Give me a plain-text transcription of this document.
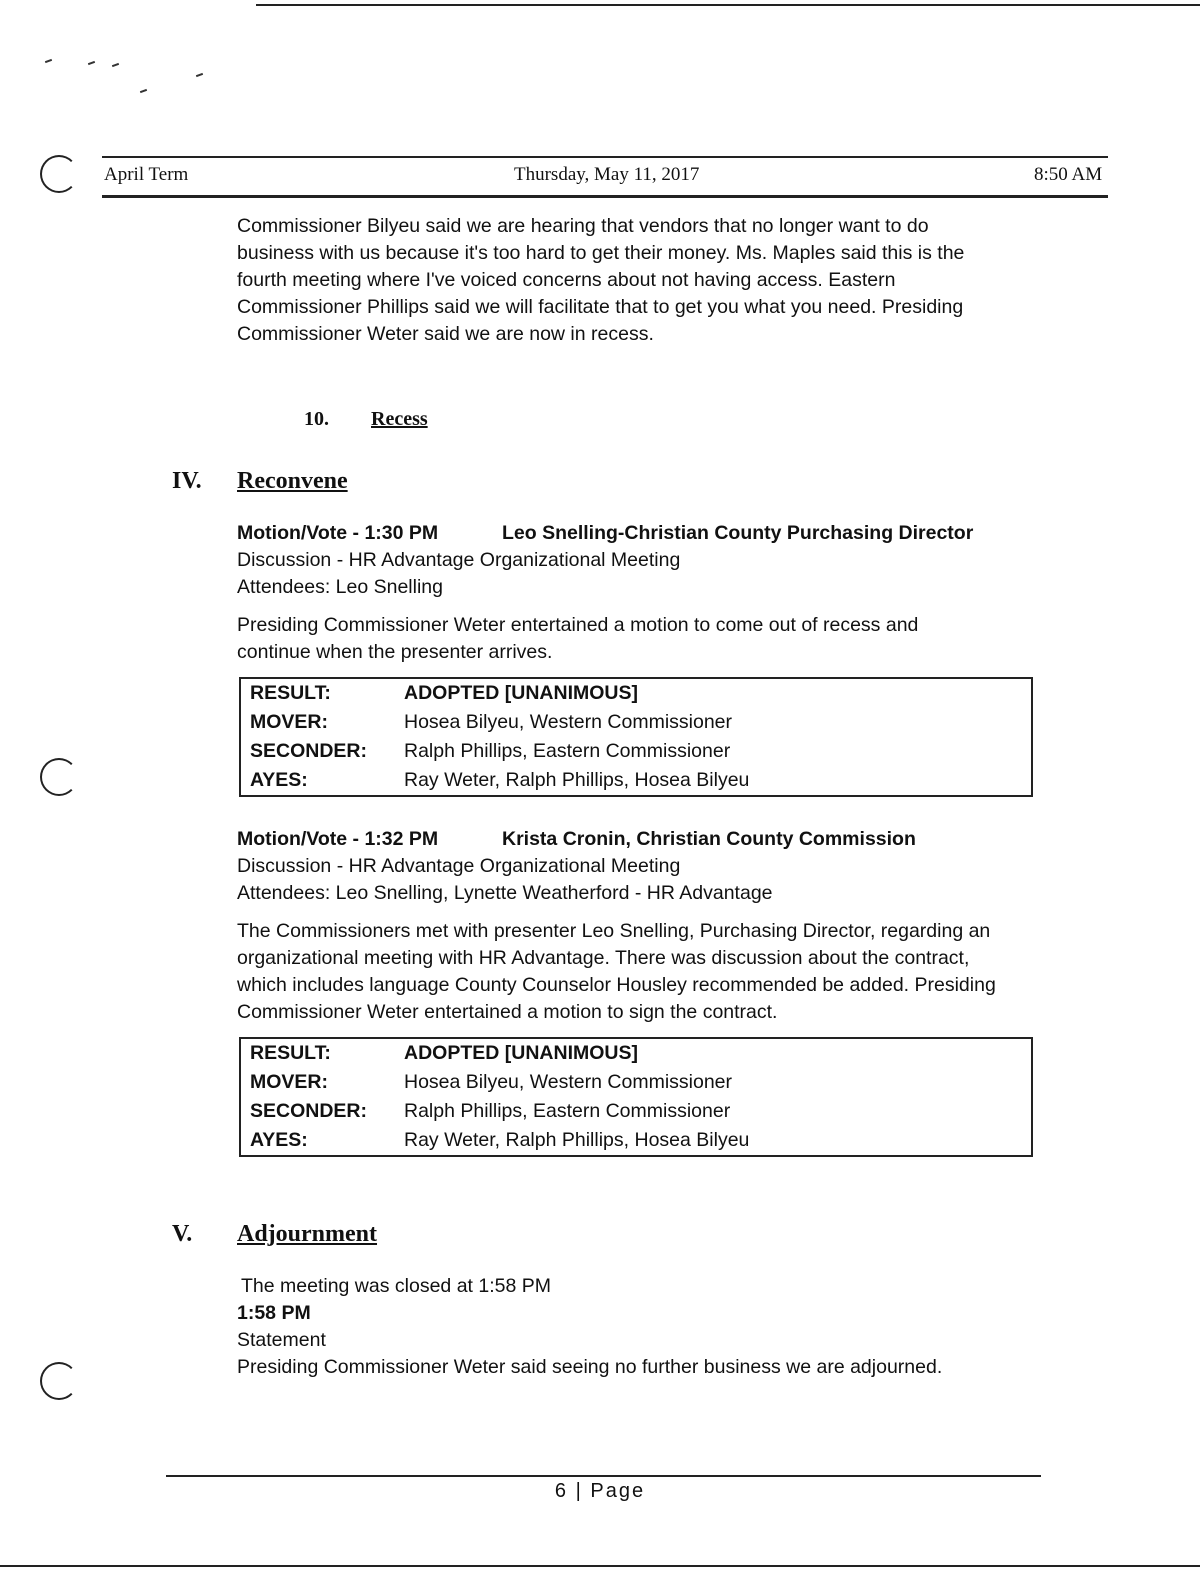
April Term	Thursday, May 11, 2017	8:50 AM
Commissioner Bilyeu said we are hearing that vendors that no longer want to do
business with us because it's too hard to get their money. Ms. Maples said this is the
fourth meeting where I've voiced concerns about not having access. Eastern
Commissioner Phillips said we will facilitate that to get you what you need. Presiding
Commissioner Weter said we are now in recess.
10. Recess
IV. Reconvene
Motion/Vote - 1:30 PM	Leo Snelling-Christian County Purchasing Director
Discussion - HR Advantage Organizational Meeting
Attendees: Leo Snelling
Presiding Commissioner Weter entertained a motion to come out of recess and
continue when the presenter arrives.
RESULT:	ADOPTED [UNANIMOUS]
MOVER:	Hosea Bilyeu, Western Commissioner
SECONDER: Ralph Phillips, Eastern Commissioner
AYES:	Ray Weter, Ralph Phillips, Hosea Bilyeu
Motion/Vote - 1:32 PM	Krista Cronin, Christian County Commission
Discussion - HR Advantage Organizational Meeting
Attendees: Leo Snelling, Lynette Weatherford - HR Advantage
The Commissioners met with presenter Leo Snelling, Purchasing Director, regarding an
organizational meeting with HR Advantage. There was discussion about the contract,
which includes language County Counselor Housley recommended be added. Presiding
Commissioner Weter entertained a motion to sign the contract.
RESULT:	ADOPTED [UNANIMOUS]
MOVER:	Hosea Bilyeu, Western Commissioner
SECONDER: Ralph Phillips, Eastern Commissioner
AYES:	Ray Weter, Ralph Phillips, Hosea Bilyeu
V. Adjournment
The meeting was closed at 1:58 PM
1:58 PM
Statement
Presiding Commissioner Weter said seeing no further business we are adjourned.
6 | Page
